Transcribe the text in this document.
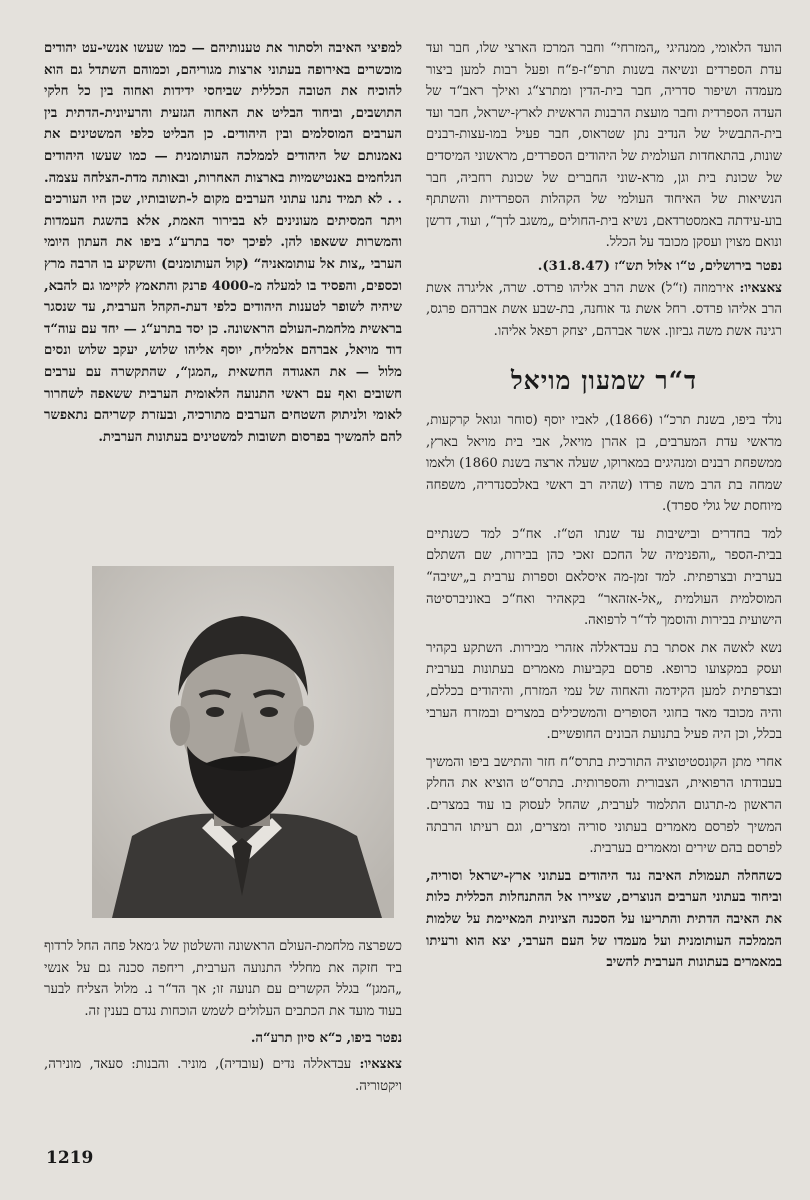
הועד הלאומי, ממנהיגי „המזרחי“ וחבר המרכז הארצי שלו, חבר ועד עדת הספרדים ונשיאה בשנות תרפ“ז-פ“ח ופעל רבות למען ביצור מעמדה ושיפור סדריה, חבר בית-הדין ומתרצ“ג ואילך ראב“ד של העדה הספרדית וחבר מועצת הרבנות הראשית לארץ-ישראל, חבר ועד בית-התבשיל של הנדיב נתן שטראוס, חבר פעיל במו-עצות-רבנים שונות, בהתאחדות העולמית של היהודים הספרדים, מראשוני המיסדים של שכונת בית וגן, מרא-שוני החברים של שכונת רחביה, חבר הנשיאות של האיחוד העולמי של הקהלות הספרדיות והשתתף בוע-עידתה באמסטרדאם, נשיא בית-החולים „משגב לדך“, ועוד, דרשן ונואם מצוין ועסקן מכובד על הכלל.

נפטר בירושלים, ט“ו אלול תש“ז (31.8.47).

צאצאיו: אירמוזה (ז“ל) אשת הרב אליהו פרדס. שרה, אליגרה אשת הרב אליהו פרדס. רחל אשת גד אוחנה, בת-שבע אשת אברהם פרגס, רגינה אשת משה גביזון. אשר אברהם, יצחק רפאל אליהו.

ד“ר שמעון מויאל

נולד ביפו, בשנת תרכ“ו (1866), לאביו יוסף (סוחר וגואל קרקעות, מראשי עדת המערבים, בן אהרן מויאל, אבי בית מויאל בארץ, ממשפחת רבנים ומנהיגים במארוקו, שעלה ארצה בשנת 1860) ולאמו שמחה בת הרב משה פרדו (שהיה רב ראשי באלכסנדריה, משפחה מיוחסת של גולי ספרד).

למד בחדרים ובישיבות עד שנתו הט“ז. אח“כ למד כשנתיים בבית-הספר „והפנימיה של החכם זאכי כהן בבירות, שם השתלם בערבית ובצרפתית. למד זמן-מה איסלאם וספרות ערבית ב„ישיבה“ המוסלמית העולמית „אל-אזהאר“ בקאהיר ואח“כ באוניברסיטה הישועית בבירות והוסמך לד“ר לרפואה.

נשא לאשה את אסתר בת עבדאללה אזהרי מבירות. השתקע בקהיר ועסק במקצועו כרופא. פרסם בקביעות מאמרים בעתונות בערבית ובצרפתית למען הקידמה והאחוה של עמי המזרח, והיהודים בכללם, והיה מכובד מאד בחוגי הסופרים והמשכילים במצרים ובמזרח הערבי בכלל, וכן היה פעיל בתנועת הבונים החופשיים.

אחרי מתן הקונסטיטוציה התורכית בתרס“ח חזר והתישב ביפו והמשיך בעבודתו הרפואית, הצבורית והספרותית. בתרס“ט הוציא את החלק הראשון מ-תרגום התלמוד לערבית, שהחל לעסוק בו עוד במצרים. המשיך לפרסם מאמרים בעתוני סוריה ומצרים, וגם רעיתו הרבתה לפרסם בהם שירים ומאמרים בערבית.

כשהחלה תעמולת האיבה נגד היהודים בעתוני ארץ-ישראל וסוריה, וביחוד בעתוני הערבים הנוצרים, שציירו אל ההתנחלות הכללית כלות את האיבה הדתית והתריעו על הסכנה הציונית המאיימת על שלמות הממלכה העותומנית ועל מעמדו של העם הערבי, יצא הוא ורעיתו במאמרים בעתונות הערבית להשיב

למפיצי האיבה ולסתור את טענותיהם — כמו שעשו אנשי-עט יהודים מוכשרים באירופה בעתוני ארצות מגוריהם, וכמוהם השתדל גם הוא להוכיח את הטובה הכללית שביחסי ידידות ואחוה בין כל חלקי התושבים, וביחוד הבליט את האחוה הגזעית והרעיונית-הדתית בין הערבים המוסלמים ובין היהודים. כן הבליט כלפי המשטינים את נאמנותם של היהודים לממלכה העותומנית — כמו שעשו היהודים הנלחמים באנטישמיות בארצות האחרות, ובאותה מדת-הצלחה עצמה. . . לא תמיד נתנו עתוני הערבים מקום ל-תשובותיו, שכן היו העורכים ויתר המסיתים מעונינים לא בבירור האמת, אלא בהשגת העמדות והמשרות ששאפו להן. לפיכך יסד בתרע“ג ביפו את העתון היומי הערבי „צות אל עותומאניה“ (קול העותומנים) והשקיע בו הרבה מרץ וכספים, והפסיד בו למעלה מ-4000 פרנק והתאמץ לקיימו גם להבא, שיהיה לשופר לטענות היהודים כלפי דעת-הקהל הערבית, עד שנסגר בראשית מלחמת-העולם הראשונה. כן יסד בתרע“ג — יחד עם עוה“ד דוד מויאל, אברהם אלמליח, יוסף אליהו שלוש, יעקב שלוש ונסים מלול — את האגודה החשאית „המגן“, שהתקשרה עם ערבים חשובים ואף עם ראשי התנועה הלאומית הערבית ששאפה לשחרור לאומי ולניתוק השטחים הערבים מתורכיה, ובעזרת קשריהם נתאפשר להם להמשיך בפרסום תשובות למשטינים בעתונות הערבית.

כשפרצה מלחמת-העולם הראשונה והשלטון של ג׳מאל פחה החל לרדוף ביד חזקה את מחללי התנועה הערבית, ריחפה סכנה גם על אנשי „המגן“ בגלל הקשרים עם תנועה זו; אך הד“ר נ. מלול הצליח לבער בעוד מועד את הכתבים העלולים לשמש הוכחות נגדם בענין זה.

נפטר ביפו, כ“א סיון תרע“ה.

צאצאיו: עבדאללה נדים (עובדיה), מוניר. והבנות: סעאד, מונירה, ויקטוריה.

1219
